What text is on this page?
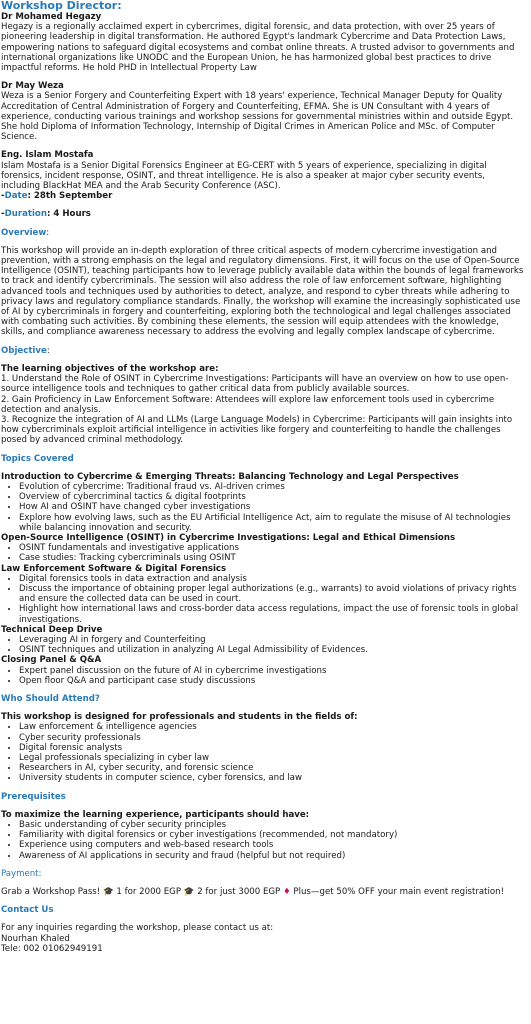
Workshop Director:
Dr Mohamed Hegazy

Hegazy is a regionally acclaimed expert in cybercrimes, digital forensic, and data protection, with over 25 years of pioneering leadership in digital transformation. He authored Egypt's landmark Cybercrime and Data Protection Laws, empowering nations to safeguard digital ecosystems and combat online threats. A trusted advisor to governments and international organizations like UNODC and the European Union, he has harmonized global best practices to drive impactful reforms. He hold PHD in Intellectual Property Law

Dr May Weza

Weza is a Senior Forgery and Counterfeiting Expert with 18 years' experience, Technical Manager Deputy for Quality Accreditation of Central Administration of Forgery and Counterfeiting, EFMA. She is UN Consultant with 4 years of experience, conducting various trainings and workshop sessions for governmental ministries within and outside Egypt. She hold Diploma of Information Technology, Internship of Digital Crimes in American Police and MSc. of Computer Science.

Eng. Islam Mostafa

Islam Mostafa is a Senior Digital Forensics Engineer at EG-CERT with 5 years of experience, specializing in digital forensics, incident response, OSINT, and threat intelligence. He is also a speaker at major cyber security events, including BlackHat MEA and the Arab Security Conference (ASC).

-Date: 28th September
-Duration: 4 Hours
Overview:

This workshop will provide an in-depth exploration of three critical aspects of modern cybercrime investigation and prevention, with a strong emphasis on the legal and regulatory dimensions. First, it will focus on the use of Open-Source Intelligence (OSINT), teaching participants how to leverage publicly available data within the bounds of legal frameworks to track and identify cybercriminals. The session will also address the role of law enforcement software, highlighting advanced tools and techniques used by authorities to detect, analyze, and respond to cyber threats while adhering to privacy laws and regulatory compliance standards. Finally, the workshop will examine the increasingly sophisticated use of AI by cybercriminals in forgery and counterfeiting, exploring both the technological and legal challenges associated with combating such activities. By combining these elements, the session will equip attendees with the knowledge, skills, and compliance awareness necessary to address the evolving and legally complex landscape of cybercrime.

Objective:
The learning objectives of the workshop are:

1. Understand the Role of OSINT in Cybercrime Investigations: Participants will have an overview on how to use open-source intelligence tools and techniques to gather critical data from publicly available sources.

2. Gain Proficiency in Law Enforcement Software: Attendees will explore law enforcement tools used in cybercrime detection and analysis.

3. Recognize the integration of AI and LLMs (Large Language Models) in Cybercrime: Participants will gain insights into how cybercriminals exploit artificial intelligence in activities like forgery and counterfeiting to handle the challenges posed by advanced criminal methodology.

Topics Covered
Introduction to Cybercrime & Emerging Threats: Balancing Technology and Legal Perspectives
• Evolution of cybercrime: Traditional fraud vs. AI-driven crimes
• Overview of cybercriminal tactics & digital footprints
• How AI and OSINT have changed cyber investigations
• Explore how evolving laws, such as the EU Artificial Intelligence Act, aim to regulate the misuse of AI technologies while balancing innovation and security.
Open-Source Intelligence (OSINT) in Cybercrime Investigations: Legal and Ethical Dimensions
• OSINT fundamentals and investigative applications
• Case studies: Tracking cybercriminals using OSINT
Law Enforcement Software & Digital Forensics
• Digital forensics tools in data extraction and analysis
• Discuss the importance of obtaining proper legal authorizations (e.g., warrants) to avoid violations of privacy rights and ensure the collected data can be used in court.
• Highlight how international laws and cross-border data access regulations, impact the use of forensic tools in global investigations.
Technical Deep Drive
• Leveraging AI in forgery and Counterfeiting
• OSINT techniques and utilization in analyzing AI Legal Admissibility of Evidences.
Closing Panel & Q&A
• Expert panel discussion on the future of AI in cybercrime investigations
• Open floor Q&A and participant case study discussions
Who Should Attend?
This workshop is designed for professionals and students in the fields of:
• Law enforcement & intelligence agencies
• Cyber security professionals
• Digital forensic analysts
• Legal professionals specializing in cyber law
• Researchers in AI, cyber security, and forensic science
• University students in computer science, cyber forensics, and law
Prerequisites
To maximize the learning experience, participants should have:
• Basic understanding of cyber security principles
• Familiarity with digital forensics or cyber investigations (recommended, not mandatory)
• Experience using computers and web-based research tools
• Awareness of AI applications in security and fraud (helpful but not required)
Payment:

Grab a Workshop Pass! 🎓 1 for 2000 EGP 🎓 2 for just 3000 EGP ♦ Plus—get 50% OFF your main event registration!

Contact Us

For any inquiries regarding the workshop, please contact us at:

Nourhan Khaled

Tele: 002 01062949191
